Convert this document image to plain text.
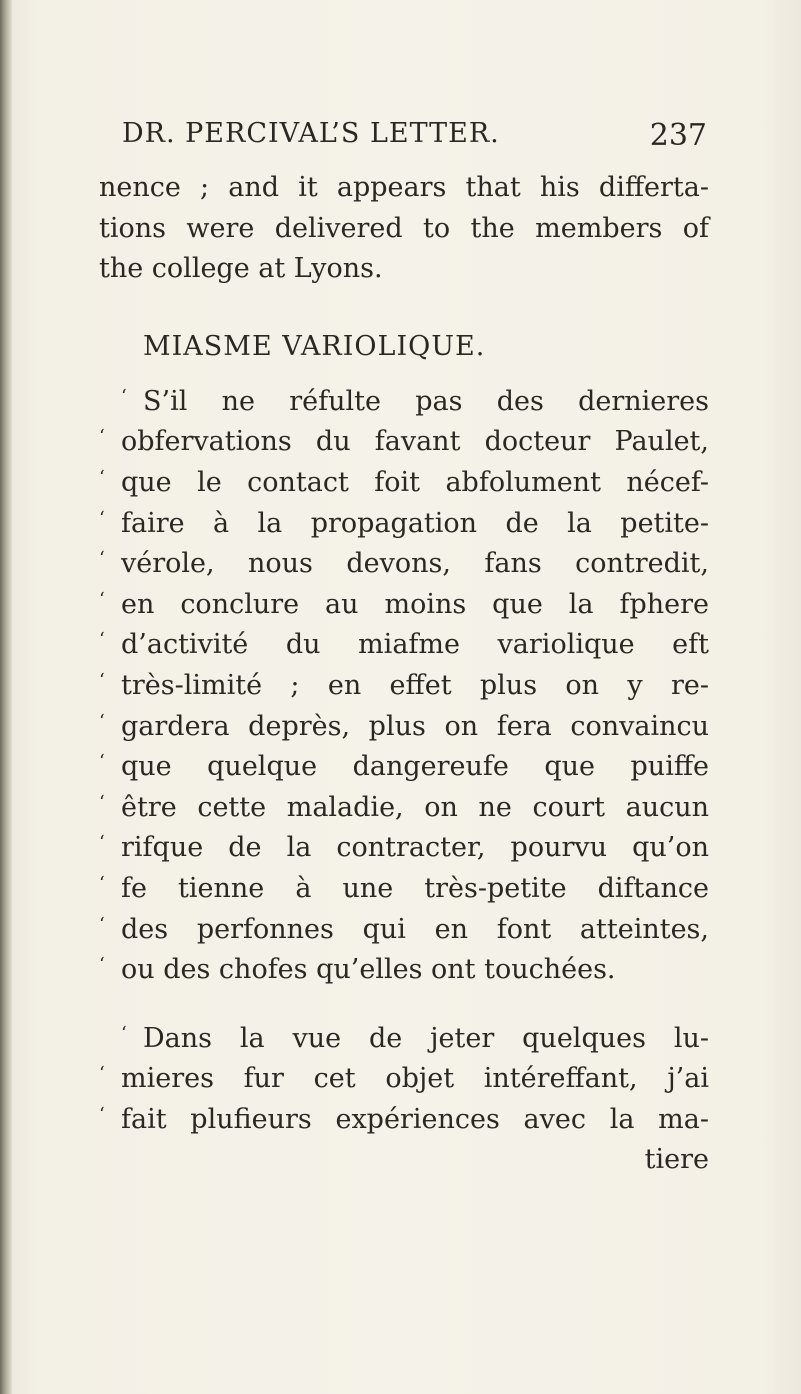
DR. PERCIVAL’S LETTER.	237
nence ; and it appears that his differta-
tions were delivered to the members of
the college at Lyons.
MIASME VARIOLIQUE.
‘ S’il ne réfulte pas des dernieres
‘ obfervations du favant docteur Paulet,
‘ que le contact foit abfolument nécef-
‘ faire à la propagation de la petite-
‘ vérole, nous devons, fans contredit,
‘ en conclure au moins que la fphere
‘ d’activité du miafme variolique eft
‘ très-limité ; en effet plus on y re-
‘ gardera deprès, plus on fera convaincu
‘ que quelque dangereufe que puiffe
‘ être cette maladie, on ne court aucun
‘ rifque de la contracter, pourvu qu’on
‘ fe tienne à une très-petite diftance
‘ des perfonnes qui en font atteintes,
‘ ou des chofes qu’elles ont touchées.
‘ Dans la vue de jeter quelques lu-
‘ mieres fur cet objet intéreffant, j’ai
‘ fait plufieurs expériences avec la ma-
tiere
